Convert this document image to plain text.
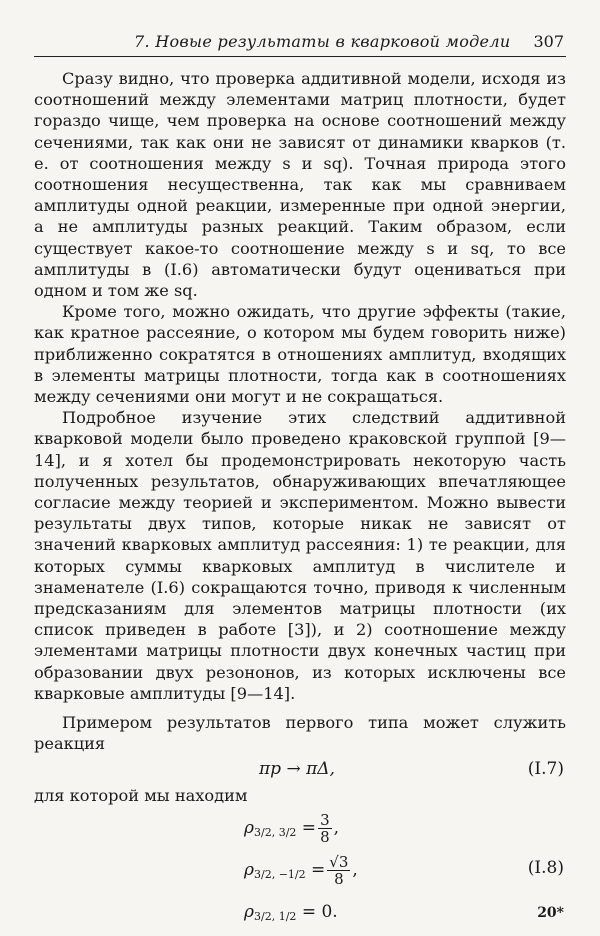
7. Новые результаты в кварковой модели 307

Сразу видно, что проверка аддитивной модели, исходя из соотношений между элементами матриц плотности, будет гораздо чище, чем проверка на основе соотношений между сечениями, так как они не зависят от динамики кварков (т. е. от соотношения между s и sq). Точная природа этого соотношения несущественна, так как мы сравниваем амплитуды одной реакции, измеренные при одной энергии, а не амплитуды разных реакций. Таким образом, если существует какое-то соотношение между s и sq, то все амплитуды в (I.6) автоматически будут оцениваться при одном и том же sq.

Кроме того, можно ожидать, что другие эффекты (такие, как кратное рассеяние, о котором мы будем говорить ниже) приближенно сократятся в отношениях амплитуд, входящих в элементы матрицы плотности, тогда как в соотношениях между сечениями они могут и не сокращаться.

Подробное изучение этих следствий аддитивной кварковой модели было проведено краковской группой [9—14], и я хотел бы продемонстрировать некоторую часть полученных результатов, обнаруживающих впечатляющее согласие между теорией и экспериментом. Можно вывести результаты двух типов, которые никак не зависят от значений кварковых амплитуд рассеяния: 1) те реакции, для которых суммы кварковых амплитуд в числителе и знаменателе (I.6) сокращаются точно, приводя к численным предсказаниям для элементов матрицы плотности (их список приведен в работе [3]), и 2) соотношение между элементами матрицы плотности двух конечных частиц при образовании двух резононов, из которых исключены все кварковые амплитуды [9—14].

Примером результатов первого типа может служить реакция

πp → πΔ,	(I.7)

для которой мы находим

$\rho_{3/2, 3/2} = \frac{3}{8}$ ,
$\rho_{3/2, -1/2} = \frac{√3}{8}$ ,
$\rho_{3/2, 1/2} = 0$.
(I.8)
20*
